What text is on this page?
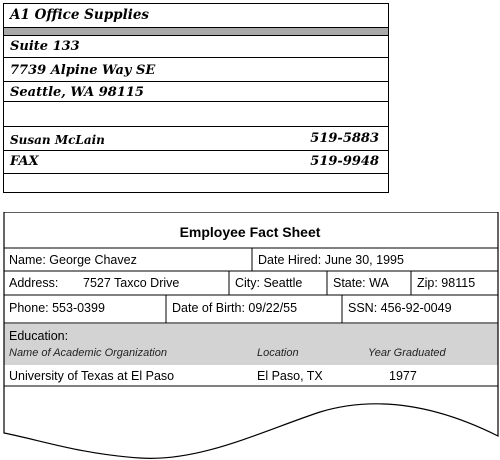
A1 Office Supplies
Suite 133
7739 Alpine Way SE
Seattle, WA 98115
Susan McLain	519-5883
FAX	519-9948
Employee Fact Sheet
Name: George Chavez	Date Hired: June 30, 1995
Address: 7527 Taxco Drive	City: Seattle State: WA Zip: 98115
Phone: 553-0399	Date of Birth: 09/22/55	SSN: 456-92-0049
Education:
Name of Academic Organization	Location	Year Graduated
University of Texas at El Paso	El Paso, TX	1977
